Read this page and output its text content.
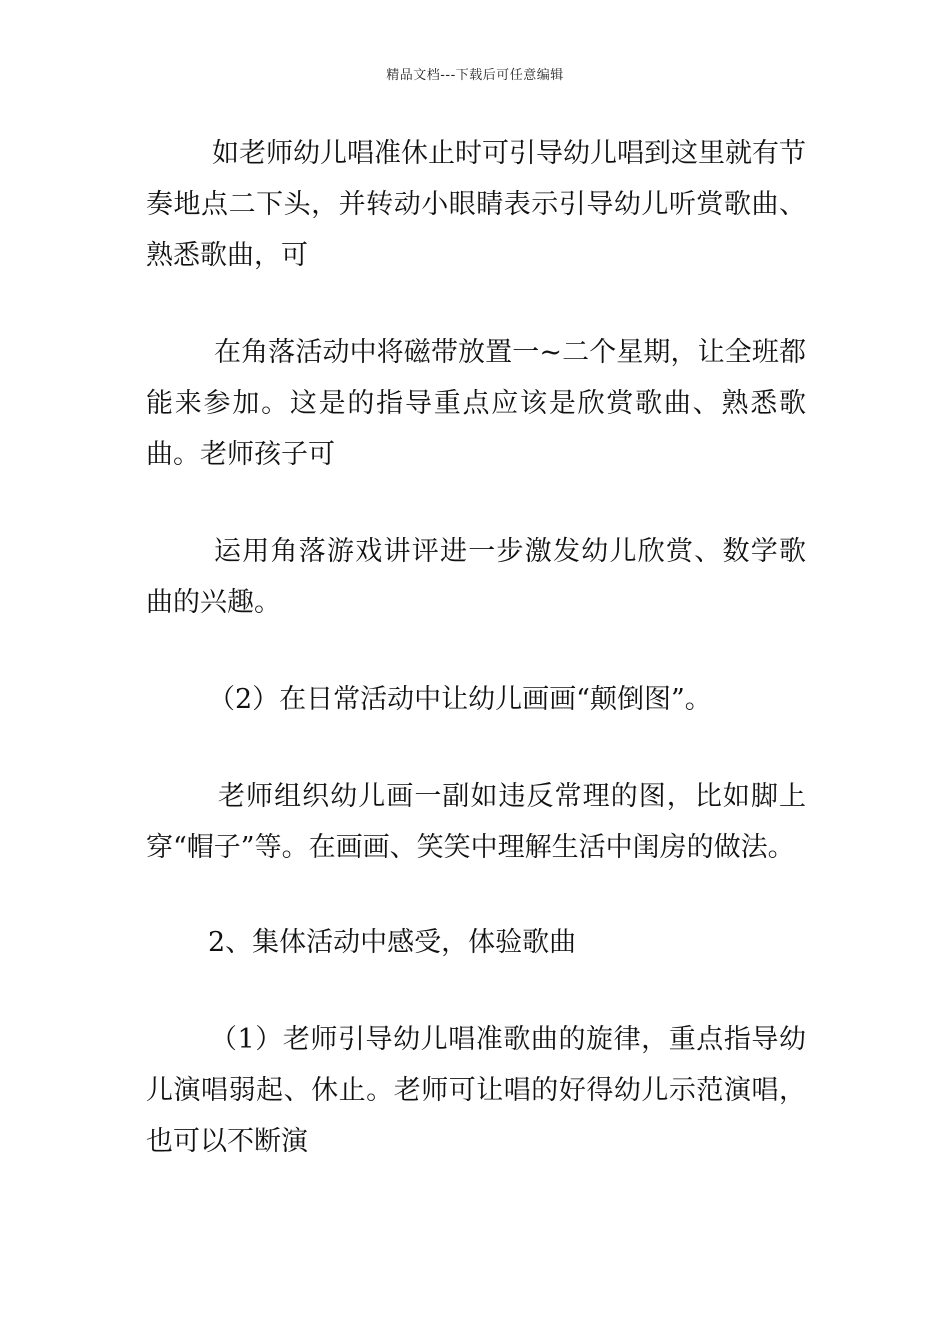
精品文档---下载后可任意编辑

如老师幼儿唱准休止时可引导幼儿唱到这里就有节奏地点二下头，并转动小眼睛表示引导幼儿听赏歌曲、熟悉歌曲，可

在角落活动中将磁带放置一~二个星期，让全班都能来参加。这是的指导重点应该是欣赏歌曲、熟悉歌曲。老师孩子可

运用角落游戏讲评进一步激发幼儿欣赏、数学歌曲的兴趣。

（2）在日常活动中让幼儿画画“颠倒图”。

老师组织幼儿画一副如违反常理的图，比如脚上穿“帽子”等。在画画、笑笑中理解生活中闺房的做法。

2、集体活动中感受，体验歌曲

（1）老师引导幼儿唱准歌曲的旋律，重点指导幼儿演唱弱起、休止。老师可让唱的好得幼儿示范演唱，也可以不断演
